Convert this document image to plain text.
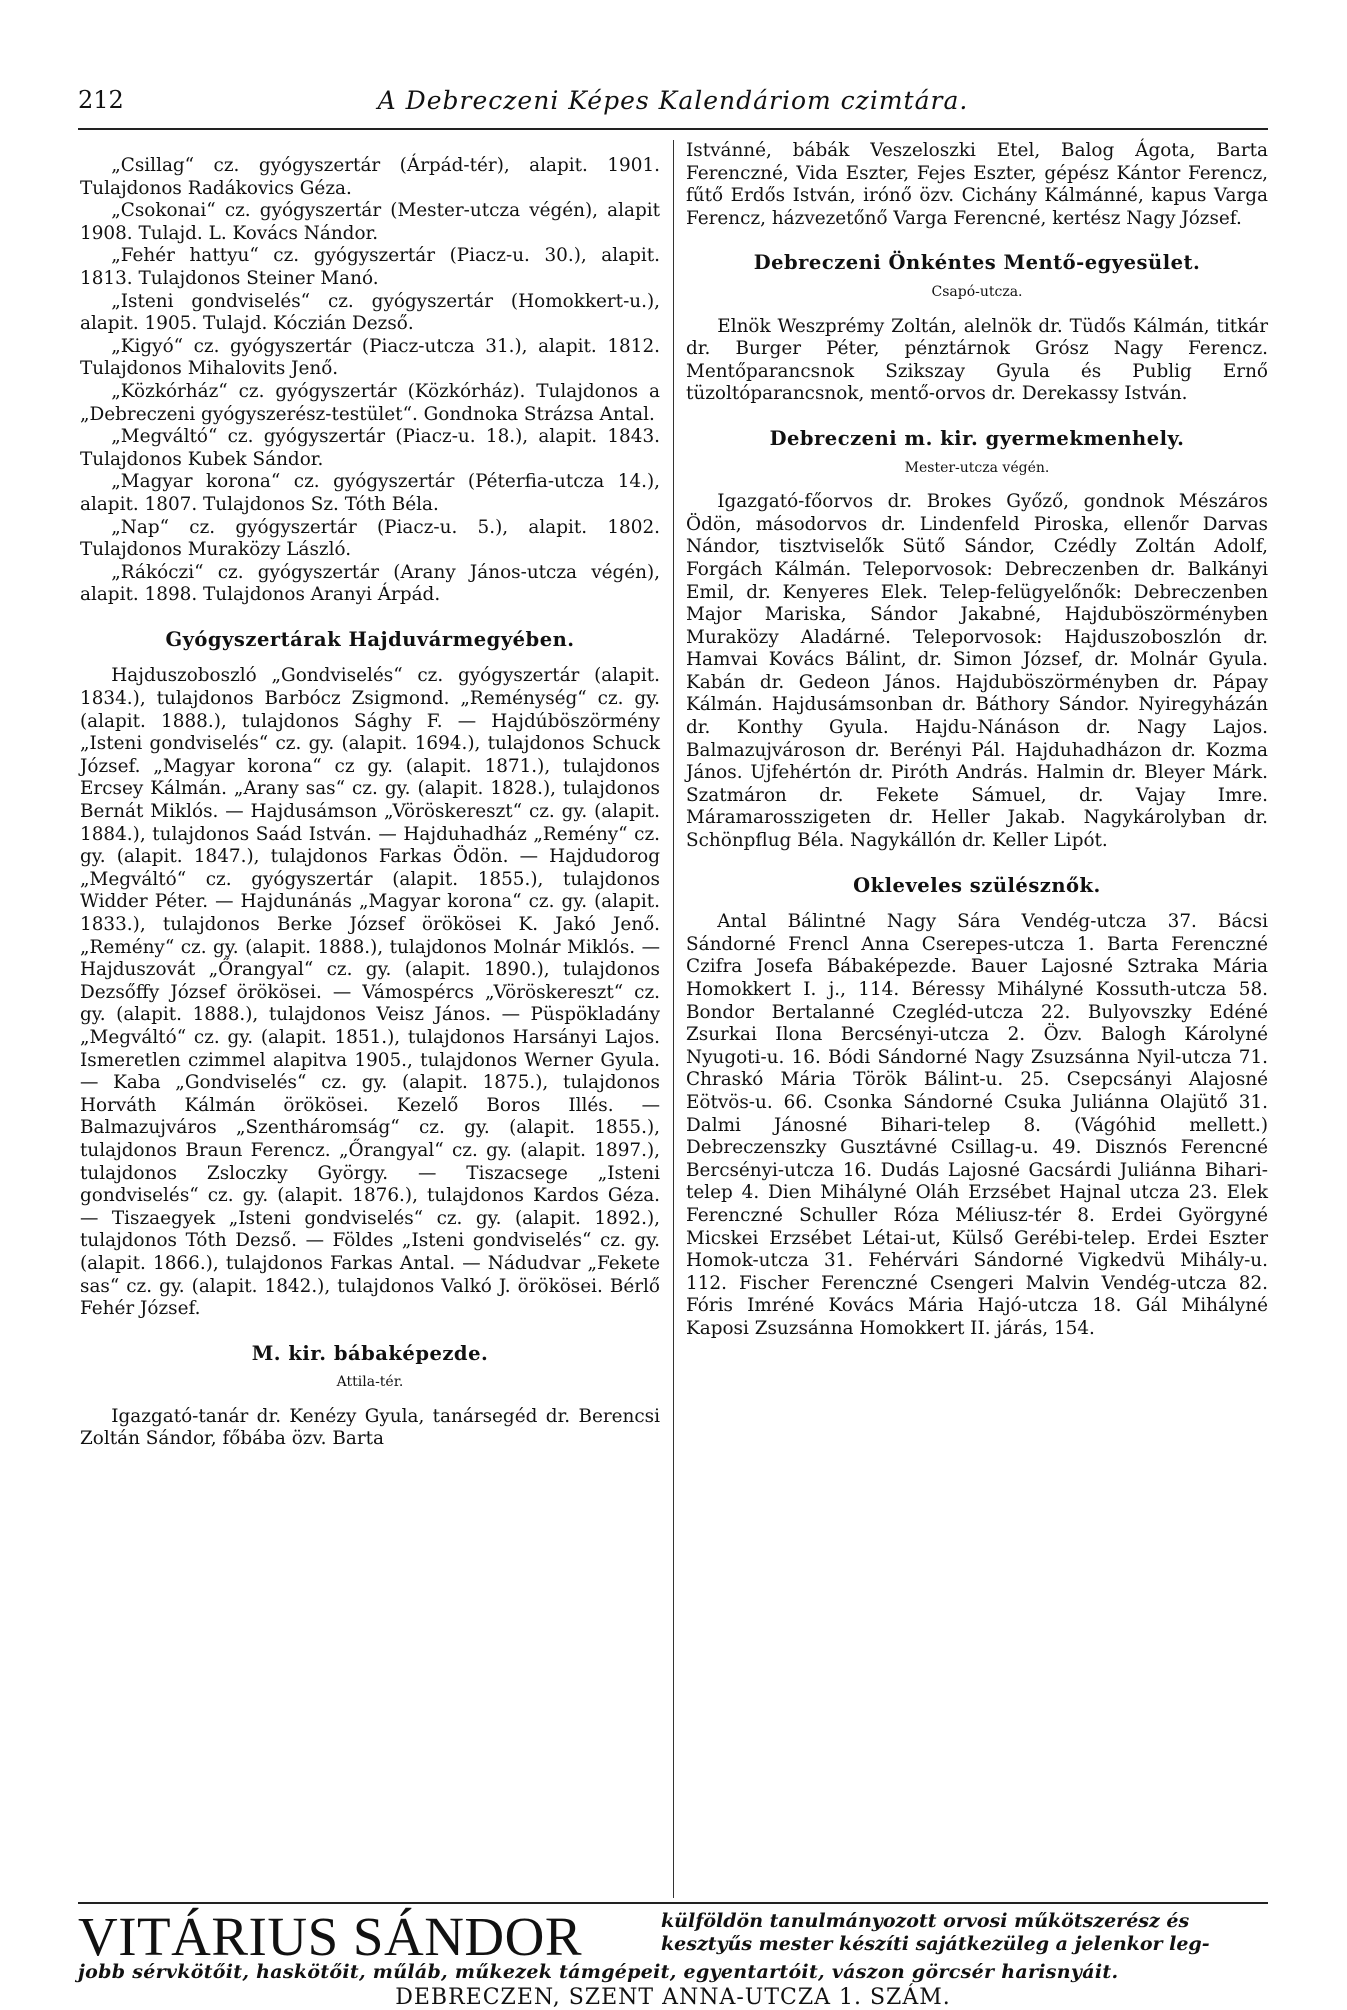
212	A Debreczeni Képes Kalendáriom czimtára.

„Csillag“ cz. gyógyszertár (Árpád-tér), alapit. 1901. Tulajdonos Radákovics Géza.

„Csokonai“ cz. gyógyszertár (Mester-utcza végén), alapit 1908. Tulajd. L. Kovács Nándor.

„Fehér hattyu“ cz. gyógyszertár (Piacz-u. 30.), alapit. 1813. Tulajdonos Steiner Manó.

„Isteni gondviselés“ cz. gyógyszertár (Homokkert-u.), alapit. 1905. Tulajd. Kóczián Dezső.

„Kigyó“ cz. gyógyszertár (Piacz-utcza 31.), alapit. 1812. Tulajdonos Mihalovits Jenő.

„Közkórház“ cz. gyógyszertár (Közkórház). Tulajdonos a „Debreczeni gyógyszerész-testület“. Gondnoka Strázsa Antal.

„Megváltó“ cz. gyógyszertár (Piacz-u. 18.), alapit. 1843. Tulajdonos Kubek Sándor.

„Magyar korona“ cz. gyógyszertár (Péterfia-utcza 14.), alapit. 1807. Tulajdonos Sz. Tóth Béla.

„Nap“ cz. gyógyszertár (Piacz-u. 5.), alapit. 1802. Tulajdonos Muraközy László.

„Rákóczi“ cz. gyógyszertár (Arany János-utcza végén), alapit. 1898. Tulajdonos Aranyi Árpád.

Gyógyszertárak Hajduvármegyében.

Hajduszoboszló „Gondviselés“ cz. gyógyszertár (alapit. 1834.), tulajdonos Barbócz Zsigmond. „Reménység“ cz. gy. (alapit. 1888.), tulajdonos Sághy F. — Hajdúböszörmény „Isteni gondviselés“ cz. gy. (alapit. 1694.), tulajdonos Schuck József. „Magyar korona“ cz gy. (alapit. 1871.), tulajdonos Ercsey Kálmán. „Arany sas“ cz. gy. (alapit. 1828.), tulajdonos Bernát Miklós. — Hajdusámson „Vöröskereszt“ cz. gy. (alapit. 1884.), tulajdonos Saád István. — Hajduhadház „Remény“ cz. gy. (alapit. 1847.), tulajdonos Farkas Ödön. — Hajdudorog „Megváltó“ cz. gyógyszertár (alapit. 1855.), tulajdonos Widder Péter. — Hajdunánás „Magyar korona“ cz. gy. (alapit. 1833.), tulajdonos Berke József örökösei K. Jakó Jenő. „Remény“ cz. gy. (alapit. 1888.), tulajdonos Molnár Miklós. — Hajduszovát „Őrangyal“ cz. gy. (alapit. 1890.), tulajdonos Dezsőffy József örökösei. — Vámospércs „Vöröskereszt“ cz. gy. (alapit. 1888.), tulajdonos Veisz János. — Püspökladány „Megváltó“ cz. gy. (alapit. 1851.), tulajdonos Harsányi Lajos. Ismeretlen czimmel alapitva 1905., tulajdonos Werner Gyula. — Kaba „Gondviselés“ cz. gy. (alapit. 1875.), tulajdonos Horváth Kálmán örökösei. Kezelő Boros Illés. — Balmazujváros „Szentháromság“ cz. gy. (alapit. 1855.), tulajdonos Braun Ferencz. „Őrangyal“ cz. gy. (alapit. 1897.), tulajdonos Zsloczky György. — Tiszacsege „Isteni gondviselés“ cz. gy. (alapit. 1876.), tulajdonos Kardos Géza. — Tiszaegyek „Isteni gondviselés“ cz. gy. (alapit. 1892.), tulajdonos Tóth Dezső. — Földes „Isteni gondviselés“ cz. gy. (alapit. 1866.), tulajdonos Farkas Antal. — Nádudvar „Fekete sas“ cz. gy. (alapit. 1842.), tulajdonos Valkó J. örökösei. Bérlő Fehér József.

M. kir. bábaképezde.
Attila-tér.

Igazgató-tanár dr. Kenézy Gyula, tanársegéd dr. Berencsi Zoltán Sándor, főbába özv. Barta

Istvánné, bábák Veszeloszki Etel, Balog Ágota, Barta Ferenczné, Vida Eszter, Fejes Eszter, gépész Kántor Ferencz, fűtő Erdős István, irónő özv. Cichány Kálmánné, kapus Varga Ferencz, házvezetőnő Varga Ferencné, kertész Nagy József.

Debreczeni Önkéntes Mentő-egyesület.
Csapó-utcza.

Elnök Weszprémy Zoltán, alelnök dr. Tüdős Kálmán, titkár dr. Burger Péter, pénztárnok Grósz Nagy Ferencz. Mentőparancsnok Szikszay Gyula és Publig Ernő tüzoltóparancsnok, mentő-orvos dr. Derekassy István.

Debreczeni m. kir. gyermekmenhely.
Mester-utcza végén.

Igazgató-főorvos dr. Brokes Győző, gondnok Mészáros Ödön, másodorvos dr. Lindenfeld Piroska, ellenőr Darvas Nándor, tisztviselők Sütő Sándor, Czédly Zoltán Adolf, Forgách Kálmán. Teleporvosok: Debreczenben dr. Balkányi Emil, dr. Kenyeres Elek. Telep-felügyelőnők: Debreczenben Major Mariska, Sándor Jakabné, Hajduböszörményben Muraközy Aladárné. Teleporvosok: Hajduszoboszlón dr. Hamvai Kovács Bálint, dr. Simon József, dr. Molnár Gyula. Kabán dr. Gedeon János. Hajduböszörményben dr. Pápay Kálmán. Hajdusámsonban dr. Báthory Sándor. Nyiregyházán dr. Konthy Gyula. Hajdu-Nánáson dr. Nagy Lajos. Balmazujvároson dr. Berényi Pál. Hajduhadházon dr. Kozma János. Ujfehértón dr. Piróth András. Halmin dr. Bleyer Márk. Szatmáron dr. Fekete Sámuel, dr. Vajay Imre. Máramarosszigeten dr. Heller Jakab. Nagykárolyban dr. Schönpflug Béla. Nagykállón dr. Keller Lipót.

Okleveles szülésznők.

Antal Bálintné Nagy Sára Vendég-utcza 37. Bácsi Sándorné Frencl Anna Cserepes-utcza 1. Barta Ferenczné Czifra Josefa Bábaképezde. Bauer Lajosné Sztraka Mária Homokkert I. j., 114. Béressy Mihályné Kossuth-utcza 58. Bondor Bertalanné Czegléd-utcza 22. Bulyovszky Edéné Zsurkai Ilona Bercsényi-utcza 2. Özv. Balogh Károlyné Nyugoti-u. 16. Bódi Sándorné Nagy Zsuzsánna Nyil-utcza 71. Chraskó Mária Török Bálint-u. 25. Csepcsányi Alajosné Eötvös-u. 66. Csonka Sándorné Csuka Juliánna Olajütő 31. Dalmi Jánosné Bihari-telep 8. (Vágóhid mellett.) Debreczenszky Gusztávné Csillag-u. 49. Disznós Ferencné Bercsényi-utcza 16. Dudás Lajosné Gacsárdi Juliánna Bihari-telep 4. Dien Mihályné Oláh Erzsébet Hajnal utcza 23. Elek Ferenczné Schuller Róza Méliusz-tér 8. Erdei Györgyné Micskei Erzsébet Létai-ut, Külső Gerébi-telep. Erdei Eszter Homok-utcza 31. Fehérvári Sándorné Vigkedvü Mihály-u. 112. Fischer Ferenczné Csengeri Malvin Vendég-utcza 82. Fóris Imréné Kovács Mária Hajó-utcza 18. Gál Mihályné Kaposi Zsuzsánna Homokkert II. járás, 154.

VITÁRIUS SÁNDOR	külföldön tanulmányozott orvosi műkötszerész és
kesztyűs mester készíti sajátkezüleg a jelenkor leg-
jobb sérvkötőit, haskötőit, műláb, műkezek támgépeit, egyentartóit, vászon görcsér harisnyáit.
DEBRECZEN, SZENT ANNA-UTCZA 1. SZÁM.
